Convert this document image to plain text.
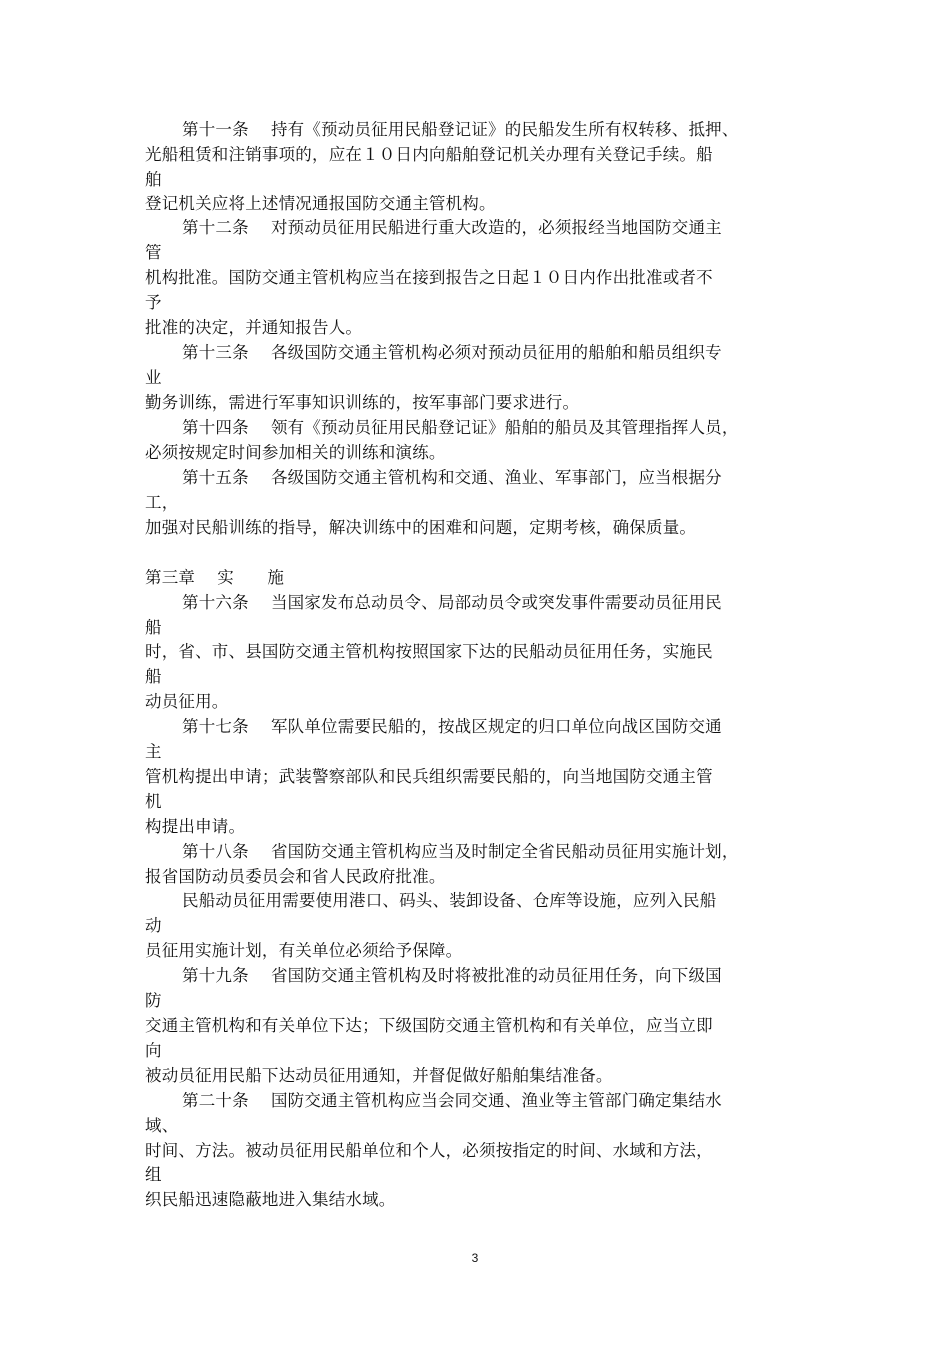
第十一条　 持有《预动员征用民船登记证》的民船发生所有权转移、抵押、

光船租赁和注销事项的，应在１０日内向船舶登记机关办理有关登记手续。船

舶

登记机关应将上述情况通报国防交通主管机构。

第十二条　 对预动员征用民船进行重大改造的，必须报经当地国防交通主

管

机构批准。国防交通主管机构应当在接到报告之日起１０日内作出批准或者不

予

批准的决定，并通知报告人。

第十三条　 各级国防交通主管机构必须对预动员征用的船舶和船员组织专

业

勤务训练，需进行军事知识训练的，按军事部门要求进行。

第十四条　 领有《预动员征用民船登记证》船舶的船员及其管理指挥人员，

必须按规定时间参加相关的训练和演练。

第十五条　 各级国防交通主管机构和交通、渔业、军事部门，应当根据分

工，

加强对民船训练的指导，解决训练中的困难和问题，定期考核，确保质量。

第三章　 实　　施

第十六条　 当国家发布总动员令、局部动员令或突发事件需要动员征用民

船

时，省、市、县国防交通主管机构按照国家下达的民船动员征用任务，实施民

船

动员征用。

第十七条　 军队单位需要民船的，按战区规定的归口单位向战区国防交通

主

管机构提出申请；武装警察部队和民兵组织需要民船的，向当地国防交通主管

机

构提出申请。

第十八条　 省国防交通主管机构应当及时制定全省民船动员征用实施计划，

报省国防动员委员会和省人民政府批准。

民船动员征用需要使用港口、码头、装卸设备、仓库等设施，应列入民船

动

员征用实施计划，有关单位必须给予保障。

第十九条　 省国防交通主管机构及时将被批准的动员征用任务，向下级国

防

交通主管机构和有关单位下达；下级国防交通主管机构和有关单位，应当立即

向

被动员征用民船下达动员征用通知，并督促做好船舶集结准备。

第二十条　 国防交通主管机构应当会同交通、渔业等主管部门确定集结水

域、

时间、方法。被动员征用民船单位和个人，必须按指定的时间、水域和方法，

组

织民船迅速隐蔽地进入集结水域。

3
